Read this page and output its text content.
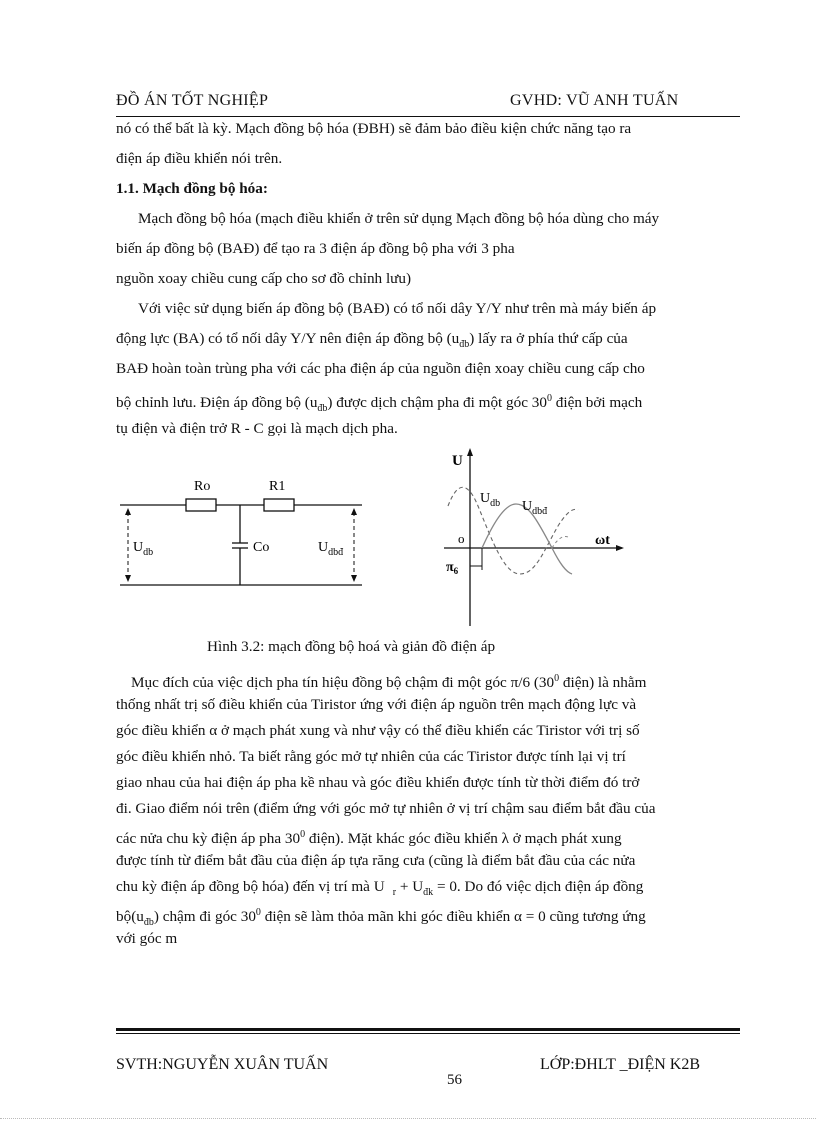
ĐỒ ÁN TỐT NGHIỆP	GVHD: VŨ ANH TUẤN
nó có thể bất là kỳ. Mạch đồng bộ hóa (ĐBH) sẽ đảm bảo điều kiện chức năng tạo ra
điện áp điều khiển nói trên.
1.1. Mạch đồng bộ hóa:
Mạch đồng bộ hóa (mạch điều khiển ở trên sử dụng Mạch đồng bộ hóa dùng cho máy
biến áp đồng bộ (BAĐ) để tạo ra 3 điện áp đồng bộ pha với 3 pha
nguồn xoay chiều cung cấp cho sơ đồ chỉnh lưu)
Với việc sử dụng biến áp đồng bộ (BAĐ) có tổ nối dây Y/Y như trên mà máy biến áp
động lực (BA) có tổ nối dây Y/Y nên điện áp đồng bộ $(u_{đb})$ lấy ra ở phía thứ cấp của
BAĐ hoàn toàn trùng pha với các pha điện áp của nguồn điện xoay chiều cung cấp cho
bộ chỉnh lưu. Điện áp đồng bộ $(u_{đb})$ được dịch chậm pha đi một góc $30^0$ điện bởi mạch
tụ điện và điện trở R - C gọi là mạch dịch pha.
Ro	R1
Co
$U_{db}$	$U_{dbđ}$
U
ωt
o
$U_{db}$ $U_{dbđ}$
$\pi_6$
Hình 3.2: mạch đồng bộ hoá và giản đồ điện áp
Mục đích của việc dịch pha tín hiệu đồng bộ chậm đi một góc π/6 ($30^0$ điện) là nhằm
thống nhất trị số điều khiển của Tiristor ứng với điện áp nguồn trên mạch động lực và
góc điều khiển α ở mạch phát xung và như vậy có thể điều khiển các Tiristor với trị số
góc điều khiển nhỏ. Ta biết rằng góc mở tự nhiên của các Tiristor được tính lại vị trí
giao nhau của hai điện áp pha kề nhau và góc điều khiển được tính từ thời điểm đó trở
đi. Giao điểm nói trên (điểm ứng với góc mở tự nhiên ở vị trí chậm sau điểm bắt đầu của
các nửa chu kỳ điện áp pha $30^0$ điện). Mặt khác góc điều khiển λ ở mạch phát xung
được tính từ điểm bắt đầu của điện áp tựa răng cưa (cũng là điểm bắt đầu của các nửa
chu kỳ điện áp đồng bộ hóa) đến vị trí mà U $_r + U_{đk} = 0$. Do đó việc dịch điện áp đồng
$bộ(u_{đb})$ chậm đi góc $30^0$ điện sẽ làm thỏa mãn khi góc điều khiển α = 0 cũng tương ứng
với góc m
SVTH:NGUYỄN XUÂN TUẤN	LỚP:ĐHLT _ĐIỆN K2B
56
